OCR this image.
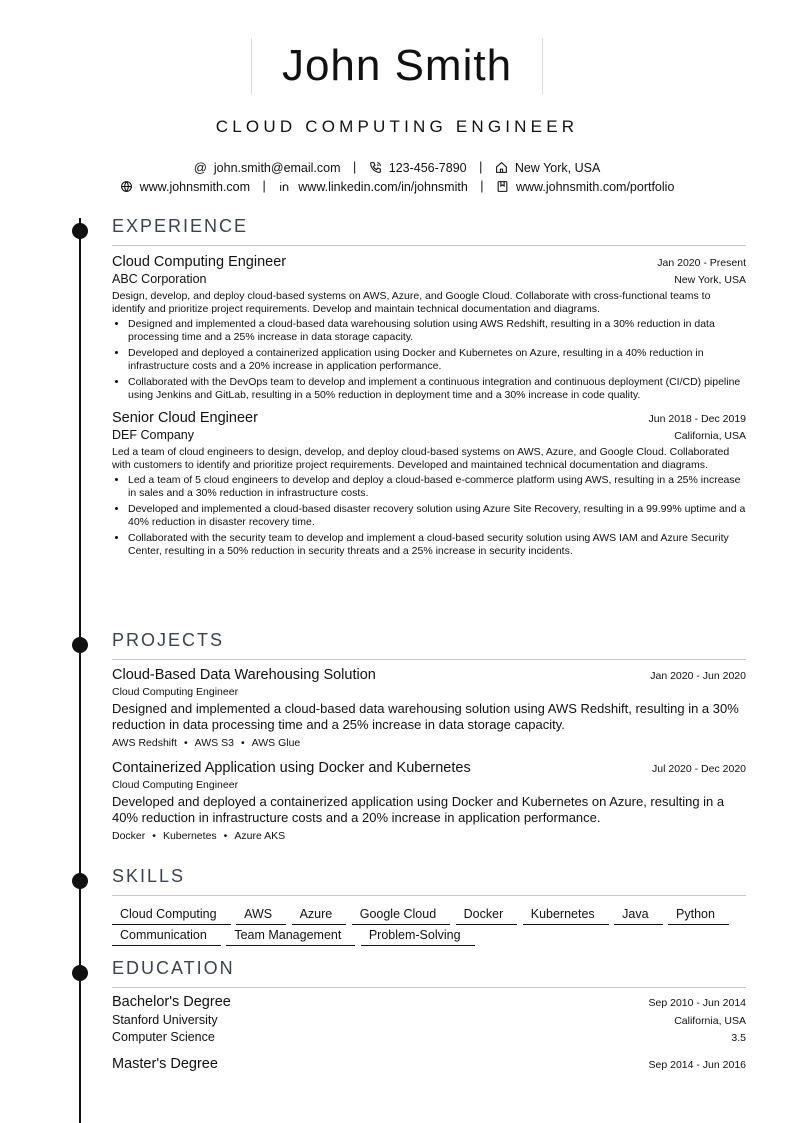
John Smith
CLOUD COMPUTING ENGINEER
@ john.smith@email.com |	123-456-7890 |	New York, USA
www.johnsmith.com |	www.linkedin.com/in/johnsmith |	www.johnsmith.com/portfolio
EXPERIENCE
Cloud Computing Engineer	Jan 2020 - Present
ABC Corporation	New York, USA
Design, develop, and deploy cloud-based systems on AWS, Azure, and Google Cloud. Collaborate with cross-functional teams to identify and prioritize project requirements. Develop and maintain technical documentation and diagrams.
• Designed and implemented a cloud-based data warehousing solution using AWS Redshift, resulting in a 30% reduction in data processing time and a 25% increase in data storage capacity.
• Developed and deployed a containerized application using Docker and Kubernetes on Azure, resulting in a 40% reduction in infrastructure costs and a 20% increase in application performance.
• Collaborated with the DevOps team to develop and implement a continuous integration and continuous deployment (CI/CD) pipeline using Jenkins and GitLab, resulting in a 50% reduction in deployment time and a 30% increase in code quality.
Senior Cloud Engineer	Jun 2018 - Dec 2019
DEF Company	California, USA
Led a team of cloud engineers to design, develop, and deploy cloud-based systems on AWS, Azure, and Google Cloud. Collaborated with customers to identify and prioritize project requirements. Developed and maintained technical documentation and diagrams.
• Led a team of 5 cloud engineers to develop and deploy a cloud-based e-commerce platform using AWS, resulting in a 25% increase in sales and a 30% reduction in infrastructure costs.
• Developed and implemented a cloud-based disaster recovery solution using Azure Site Recovery, resulting in a 99.99% uptime and a 40% reduction in disaster recovery time.
• Collaborated with the security team to develop and implement a cloud-based security solution using AWS IAM and Azure Security Center, resulting in a 50% reduction in security threats and a 25% increase in security incidents.
PROJECTS
Cloud-Based Data Warehousing Solution	Jan 2020 - Jun 2020
Cloud Computing Engineer
Designed and implemented a cloud-based data warehousing solution using AWS Redshift, resulting in a 30% reduction in data processing time and a 25% increase in data storage capacity.
AWS Redshift • AWS S3 • AWS Glue
Containerized Application using Docker and Kubernetes	Jul 2020 - Dec 2020
Cloud Computing Engineer
Developed and deployed a containerized application using Docker and Kubernetes on Azure, resulting in a 40% reduction in infrastructure costs and a 20% increase in application performance.
Docker • Kubernetes • Azure AKS
SKILLS
Cloud Computing AWS Azure Google Cloud Docker Kubernetes Java Python Communication Team Management Problem-Solving
EDUCATION
Bachelor's Degree	Sep 2010 - Jun 2014
Stanford University	California, USA
Computer Science	3.5
Master's Degree	Sep 2014 - Jun 2016
